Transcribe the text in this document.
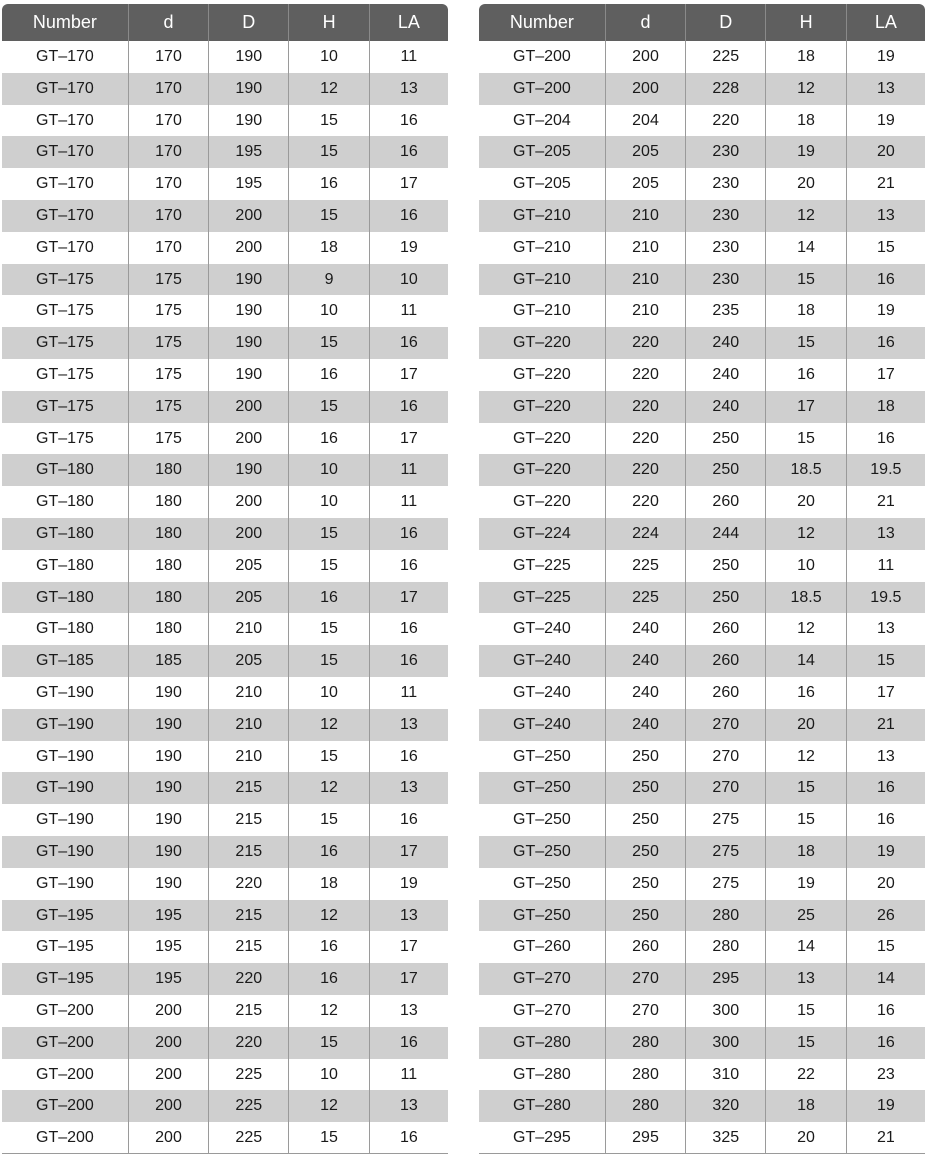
Number	d	D	H	LA
GT–170	170	190	10	11
GT–170	170	190	12	13
GT–170	170	190	15	16
GT–170	170	195	15	16
GT–170	170	195	16	17
GT–170	170	200	15	16
GT–170	170	200	18	19
GT–175	175	190	9	10
GT–175	175	190	10	11
GT–175	175	190	15	16
GT–175	175	190	16	17
GT–175	175	200	15	16
GT–175	175	200	16	17
GT–180	180	190	10	11
GT–180	180	200	10	11
GT–180	180	200	15	16
GT–180	180	205	15	16
GT–180	180	205	16	17
GT–180	180	210	15	16
GT–185	185	205	15	16
GT–190	190	210	10	11
GT–190	190	210	12	13
GT–190	190	210	15	16
GT–190	190	215	12	13
GT–190	190	215	15	16
GT–190	190	215	16	17
GT–190	190	220	18	19
GT–195	195	215	12	13
GT–195	195	215	16	17
GT–195	195	220	16	17
GT–200	200	215	12	13
GT–200	200	220	15	16
GT–200	200	225	10	11
GT–200	200	225	12	13
GT–200	200	225	15	16
Number	d	D	H	LA
GT–200	200	225	18	19
GT–200	200	228	12	13
GT–204	204	220	18	19
GT–205	205	230	19	20
GT–205	205	230	20	21
GT–210	210	230	12	13
GT–210	210	230	14	15
GT–210	210	230	15	16
GT–210	210	235	18	19
GT–220	220	240	15	16
GT–220	220	240	16	17
GT–220	220	240	17	18
GT–220	220	250	15	16
GT–220	220	250	18.5	19.5
GT–220	220	260	20	21
GT–224	224	244	12	13
GT–225	225	250	10	11
GT–225	225	250	18.5	19.5
GT–240	240	260	12	13
GT–240	240	260	14	15
GT–240	240	260	16	17
GT–240	240	270	20	21
GT–250	250	270	12	13
GT–250	250	270	15	16
GT–250	250	275	15	16
GT–250	250	275	18	19
GT–250	250	275	19	20
GT–250	250	280	25	26
GT–260	260	280	14	15
GT–270	270	295	13	14
GT–270	270	300	15	16
GT–280	280	300	15	16
GT–280	280	310	22	23
GT–280	280	320	18	19
GT–295	295	325	20	21
